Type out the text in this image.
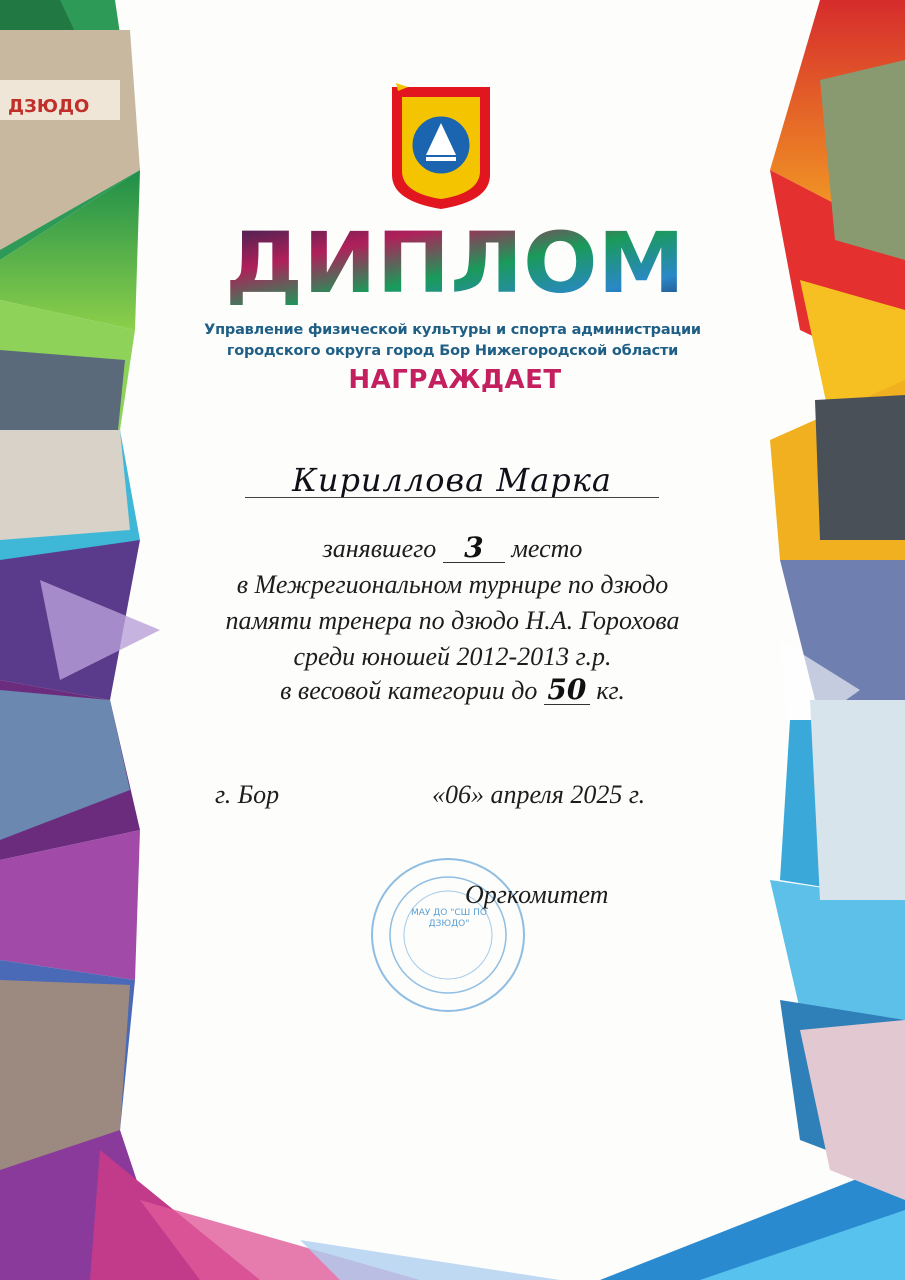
ДЗЮДО
ДИПЛОМ
Управление физической культуры и спорта администрации
городского округа город Бор Нижегородской области
НАГРАЖДАЕТ
Кириллова Марка
занявшего 3 место
в Межрегиональном турнире по дзюдо
памяти тренера по дзюдо Н.А. Горохова
среди юношей 2012-2013 г.р.
в весовой категории до 50 кг.
г. Бор	«06» апреля 2025 г.
МАУ ДО "СШ ПО ДЗЮДО"
Оргкомитет
